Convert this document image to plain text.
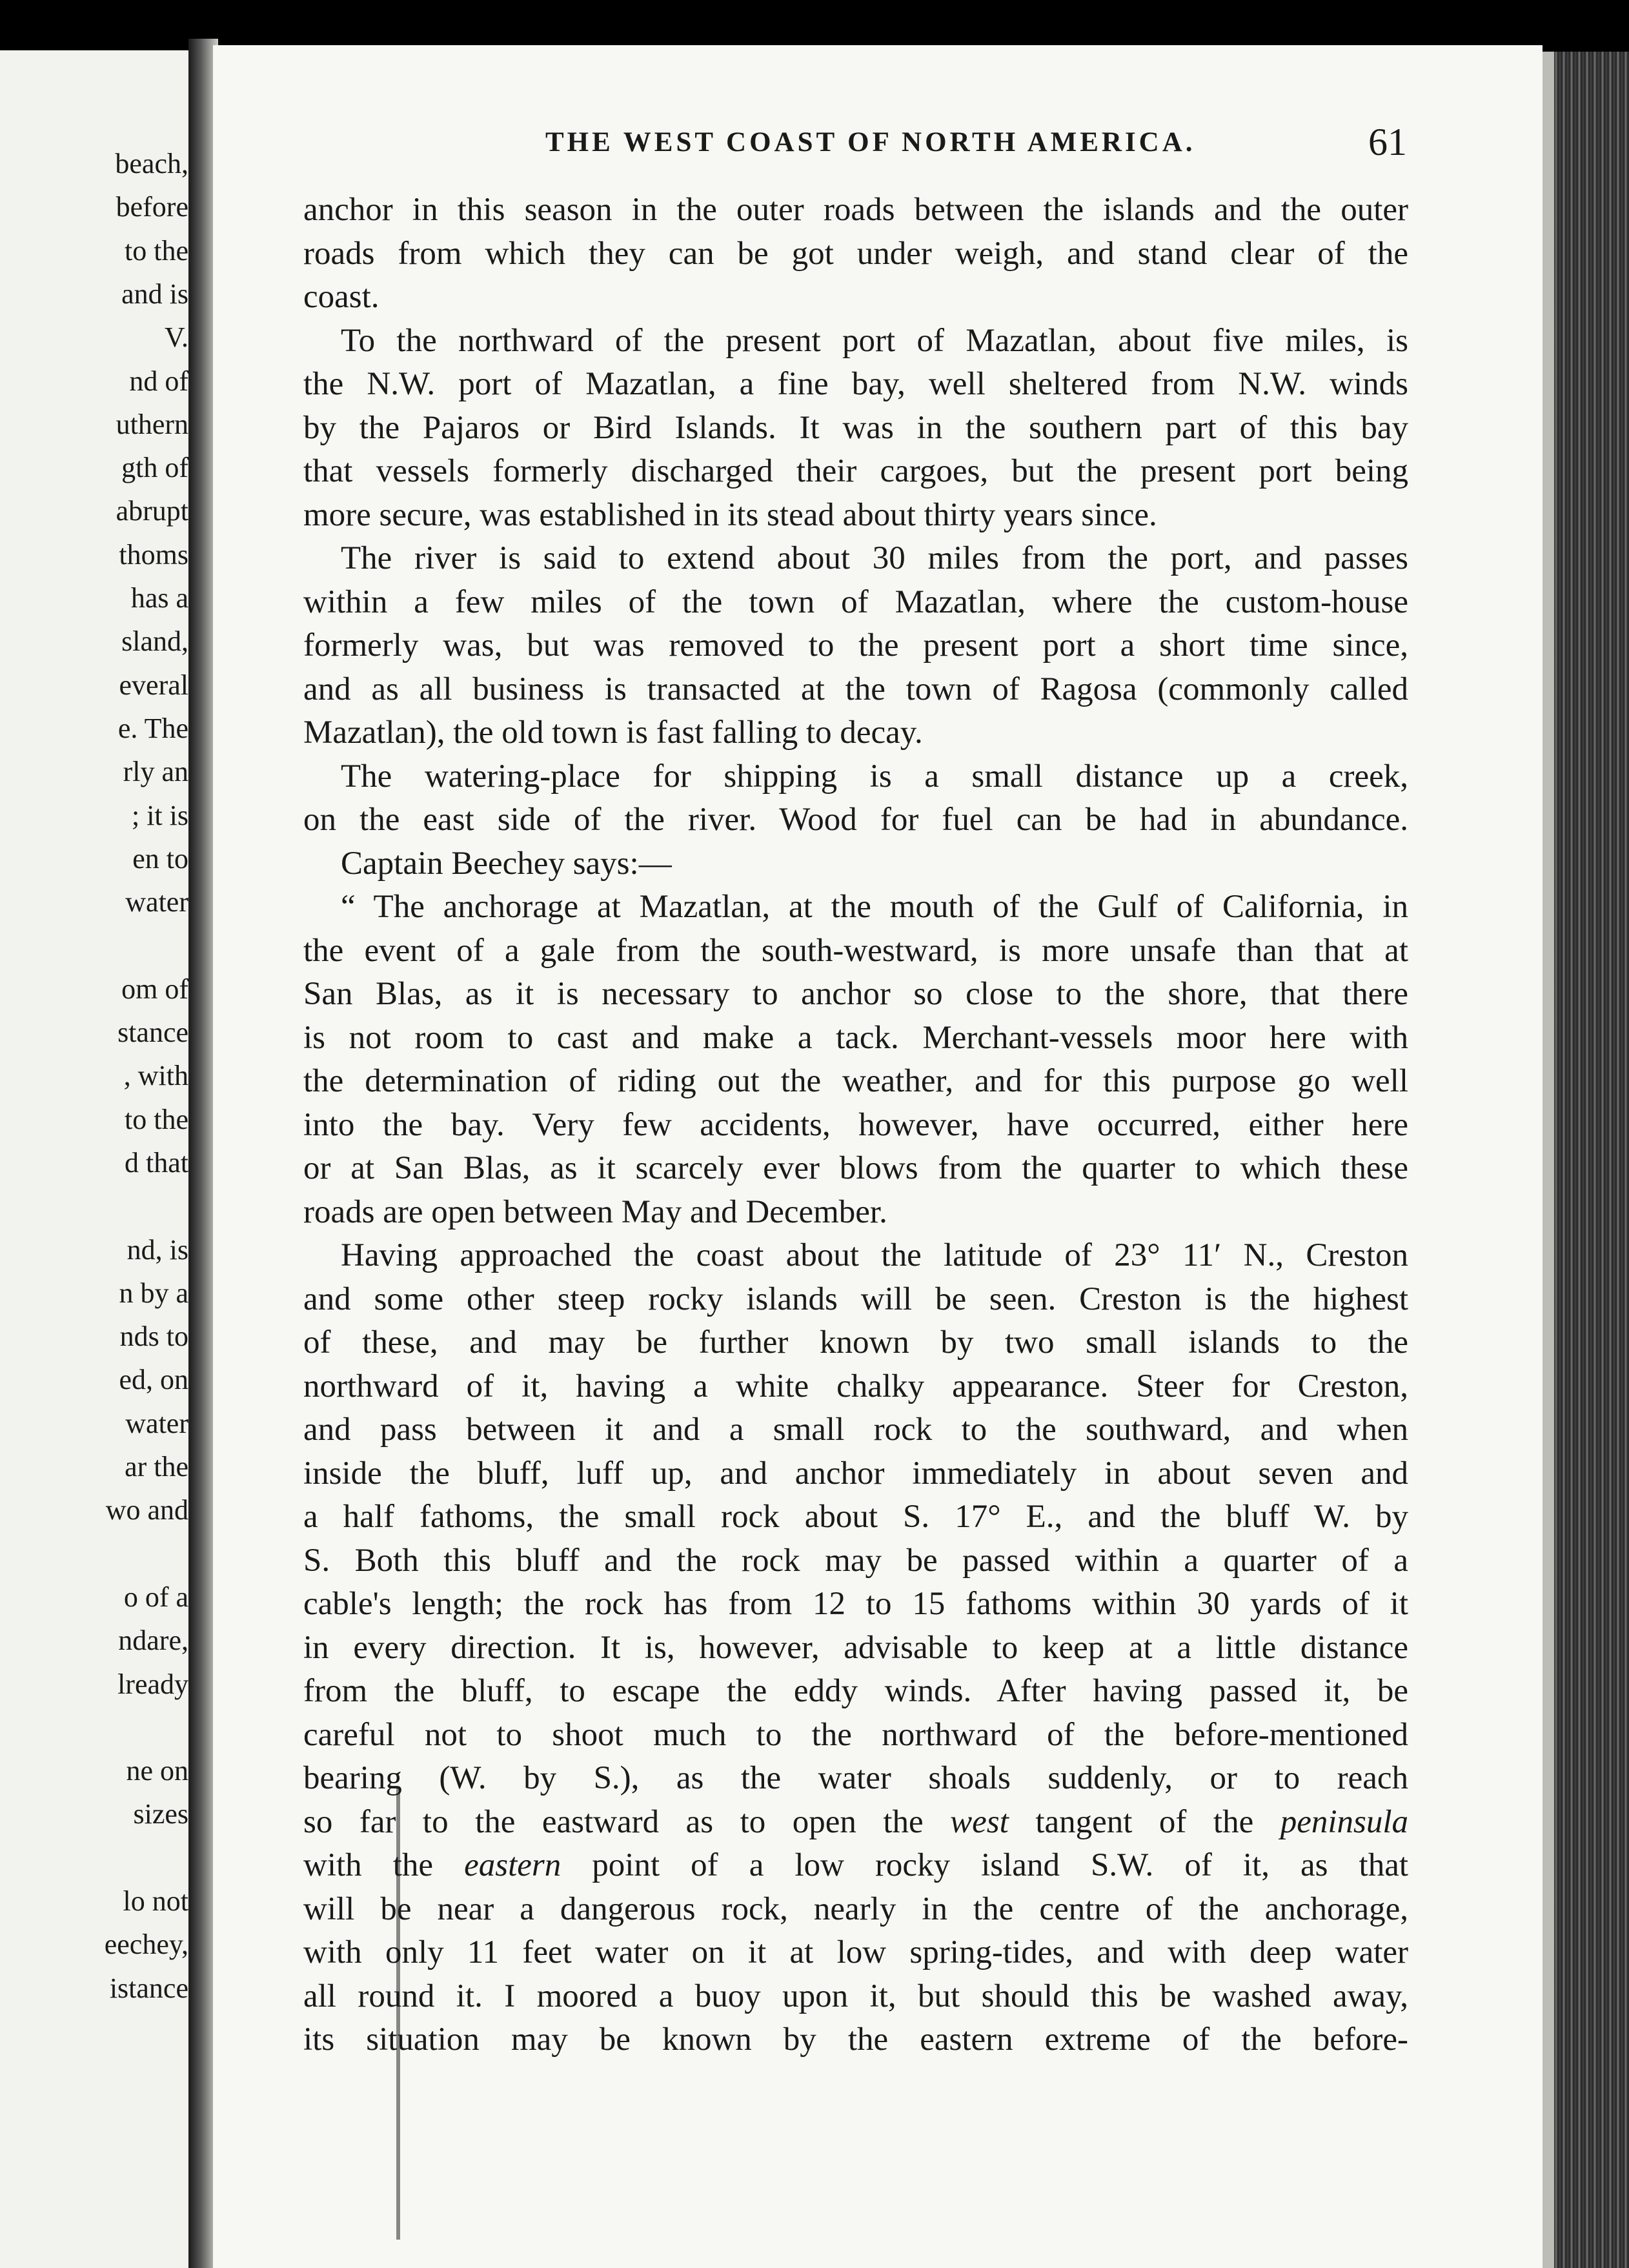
beach,
before
to the
and is
V.
nd of
uthern
gth of
abrupt
thoms
has a
sland,
everal
e. The
rly an
; it is
en to
water
om of
stance
, with
to the
d that
nd, is
n by a
nds to
ed, on
water
ar the
wo and
o of a
ndare,
lready
ne on
sizes
lo not
eechey,
istance
THE WEST COAST OF NORTH AMERICA.	61
anchor in this season in the outer roads between the islands and the outer
roads from which they can be got under weigh, and stand clear of the
coast.
To the northward of the present port of Mazatlan, about five miles, is
the N.W. port of Mazatlan, a fine bay, well sheltered from N.W. winds
by the Pajaros or Bird Islands. It was in the southern part of this bay
that vessels formerly discharged their cargoes, but the present port being
more secure, was established in its stead about thirty years since.
The river is said to extend about 30 miles from the port, and passes
within a few miles of the town of Mazatlan, where the custom-house
formerly was, but was removed to the present port a short time since,
and as all business is transacted at the town of Ragosa (commonly called
Mazatlan), the old town is fast falling to decay.
The watering-place for shipping is a small distance up a creek,
on the east side of the river. Wood for fuel can be had in abundance.
Captain Beechey says:—
“ The anchorage at Mazatlan, at the mouth of the Gulf of California, in
the event of a gale from the south-westward, is more unsafe than that at
San Blas, as it is necessary to anchor so close to the shore, that there
is not room to cast and make a tack. Merchant-vessels moor here with
the determination of riding out the weather, and for this purpose go well
into the bay. Very few accidents, however, have occurred, either here
or at San Blas, as it scarcely ever blows from the quarter to which these
roads are open between May and December.
Having approached the coast about the latitude of 23° 11′ N., Creston
and some other steep rocky islands will be seen. Creston is the highest
of these, and may be further known by two small islands to the
northward of it, having a white chalky appearance. Steer for Creston,
and pass between it and a small rock to the southward, and when
inside the bluff, luff up, and anchor immediately in about seven and
a half fathoms, the small rock about S. 17° E., and the bluff W. by
S. Both this bluff and the rock may be passed within a quarter of a
cable's length; the rock has from 12 to 15 fathoms within 30 yards of it
in every direction. It is, however, advisable to keep at a little distance
from the bluff, to escape the eddy winds. After having passed it, be
careful not to shoot much to the northward of the before-mentioned
bearing (W. by S.), as the water shoals suddenly, or to reach
so far to the eastward as to open the west tangent of the peninsula
with the eastern point of a low rocky island S.W. of it, as that
will be near a dangerous rock, nearly in the centre of the anchorage,
with only 11 feet water on it at low spring-tides, and with deep water
all round it. I moored a buoy upon it, but should this be washed away,
its situation may be known by the eastern extreme of the before-
